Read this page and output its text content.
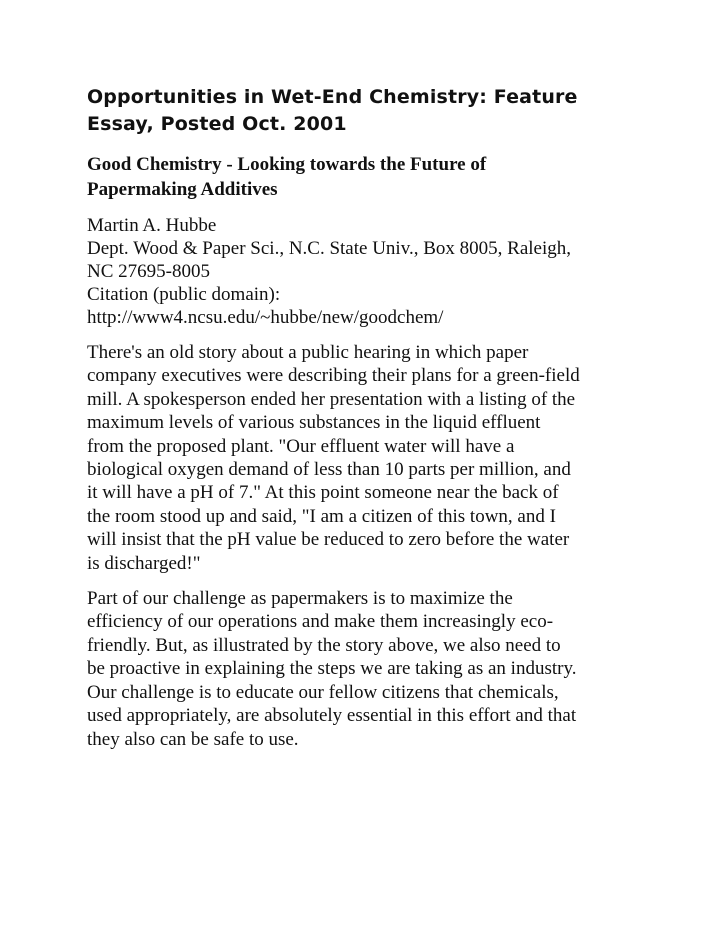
Opportunities in Wet-End Chemistry: Feature
Essay, Posted Oct. 2001
Good Chemistry - Looking towards the Future of
Papermaking Additives
Martin A. Hubbe
Dept. Wood & Paper Sci., N.C. State Univ., Box 8005, Raleigh,
NC 27695-8005
Citation (public domain):
http://www4.ncsu.edu/~hubbe/new/goodchem/

There's an old story about a public hearing in which paper
company executives were describing their plans for a green-field
mill. A spokesperson ended her presentation with a listing of the
maximum levels of various substances in the liquid effluent
from the proposed plant. "Our effluent water will have a
biological oxygen demand of less than 10 parts per million, and
it will have a pH of 7." At this point someone near the back of
the room stood up and said, "I am a citizen of this town, and I
will insist that the pH value be reduced to zero before the water
is discharged!"

Part of our challenge as papermakers is to maximize the
efficiency of our operations and make them increasingly eco-
friendly. But, as illustrated by the story above, we also need to
be proactive in explaining the steps we are taking as an industry.
Our challenge is to educate our fellow citizens that chemicals,
used appropriately, are absolutely essential in this effort and that
they also can be safe to use.
